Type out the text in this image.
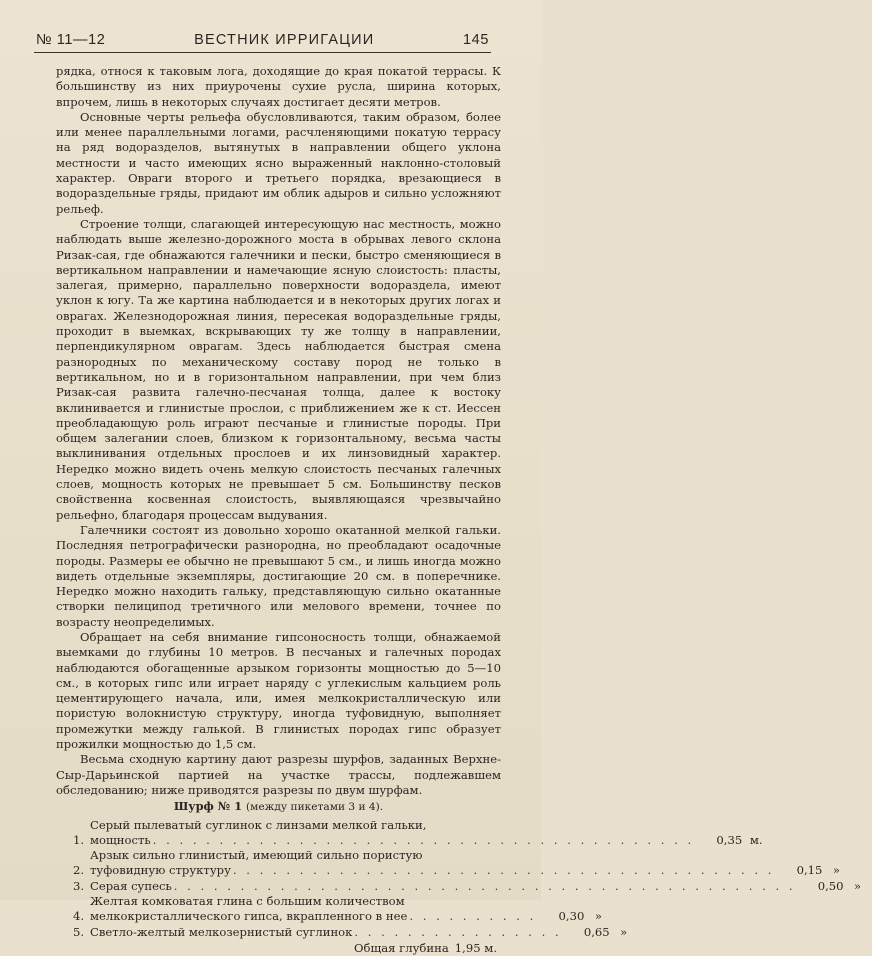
№ 11—12	ВЕСТНИК ИРРИГАЦИИ	145

рядка, относя к таковым лога, доходящие до края покатой террасы. К большинству из них приурочены сухие русла, ширина которых, впрочем, лишь в некоторых случаях достигает десяти метров.

Основные черты рельефа обусловливаются, таким образом, более или менее параллельными логами, расчленяющими покатую террасу на ряд водоразделов, вытянутых в направлении общего уклона местности и часто имеющих ясно выраженный наклонно-столовый характер. Овраги второго и третьего порядка, врезающиеся в водораздельные гряды, придают им облик адыров и сильно усложняют рельеф.

Строение толщи, слагающей интересующую нас местность, можно наблюдать выше железно-дорожного моста в обрывах левого склона Ризак-сая, где обнажаются галечники и пески, быстро сменяющиеся в вертикальном направлении и намечающие ясную слоистость: пласты, залегая, примерно, параллельно поверхности водораздела, имеют уклон к югу. Та же картина наблюдается и в некоторых других логах и оврагах. Железнодорожная линия, пересекая водораздельные гряды, проходит в выемках, вскрывающих ту же толщу в направлении, перпендикулярном оврагам. Здесь наблюдается быстрая смена разнородных по механическому составу пород не только в вертикальном, но и в горизонтальном направлении, при чем близ Ризак-сая развита галечно-песчаная толща, далее к востоку вклинивается и глинистые прослои, с приближением же к ст. Иессен преобладающую роль играют песчаные и глинистые породы. При общем залегании слоев, близком к горизонтальному, весьма часты выклинивания отдельных прослоев и их линзовидный характер. Нередко можно видеть очень мелкую слоистость песчаных галечных слоев, мощность которых не превышает 5 см. Большинству песков свойственна косвенная слоистость, выявляющаяся чрезвычайно рельефно, благодаря процессам выдувания.

Галечники состоят из довольно хорошо окатанной мелкой гальки. Последняя петрографически разнородна, но преобладают осадочные породы. Размеры ее обычно не превышают 5 см., и лишь иногда можно видеть отдельные экземпляры, достигающие 20 см. в поперечнике. Нередко можно находить гальку, представляющую сильно окатанные створки пелиципод третичного или мелового времени, точнее по возрасту неопределимых.

Обращает на себя внимание гипсоносность толщи, обнажаемой выемками до глубины 10 метров. В песчаных и галечных породах наблюдаются обогащенные арзыком горизонты мощностью до 5—10 см., в которых гипс или играет наряду с углекислым кальцием роль цементирующего начала, или, имея мелкокристаллическую или пористую волокнистую структуру, иногда туфовидную, выполняет промежутки между галькой. В глинистых породах гипс образует прожилки мощностью до 1,5 см.

Весьма сходную картину дают разрезы шурфов, заданных Верхне-Сыр-Дарьинской партией на участке трассы, подлежавшем обследованию; ниже приводятся разрезы по двум шурфам.

Шурф № 1 (между пикетами 3 и 4).
1.
Серый пылеватый суглинок с линзами мелкой гальки,
мощность . . . . . . . . . . . . . . . . . . . . . . . . . . . . . . . . . . . . . . . . .	0,35 м.
2.
Арзык сильно глинистый, имеющий сильно пористую
туфовидную структуру . . . . . . . . . . . . . . . . . . . . . . . . . . . . . . . . . . . . . . . . .	0,15 »
3. Серая супесь . . . . . . . . . . . . . . . . . . . . . . . . . . . . . . . . . . . . . . . . . . . . . . .	0,50 »
4.
Желтая комковатая глина с большим количеством
мелкокристаллического гипса, вкрапленного в нее . . . . . . . . . .	0,30 »
5. Светло-желтый мелкозернистый суглинок . . . . . . . . . . . . . . . .	0,65 »
Общая глубина 1,95 м.
